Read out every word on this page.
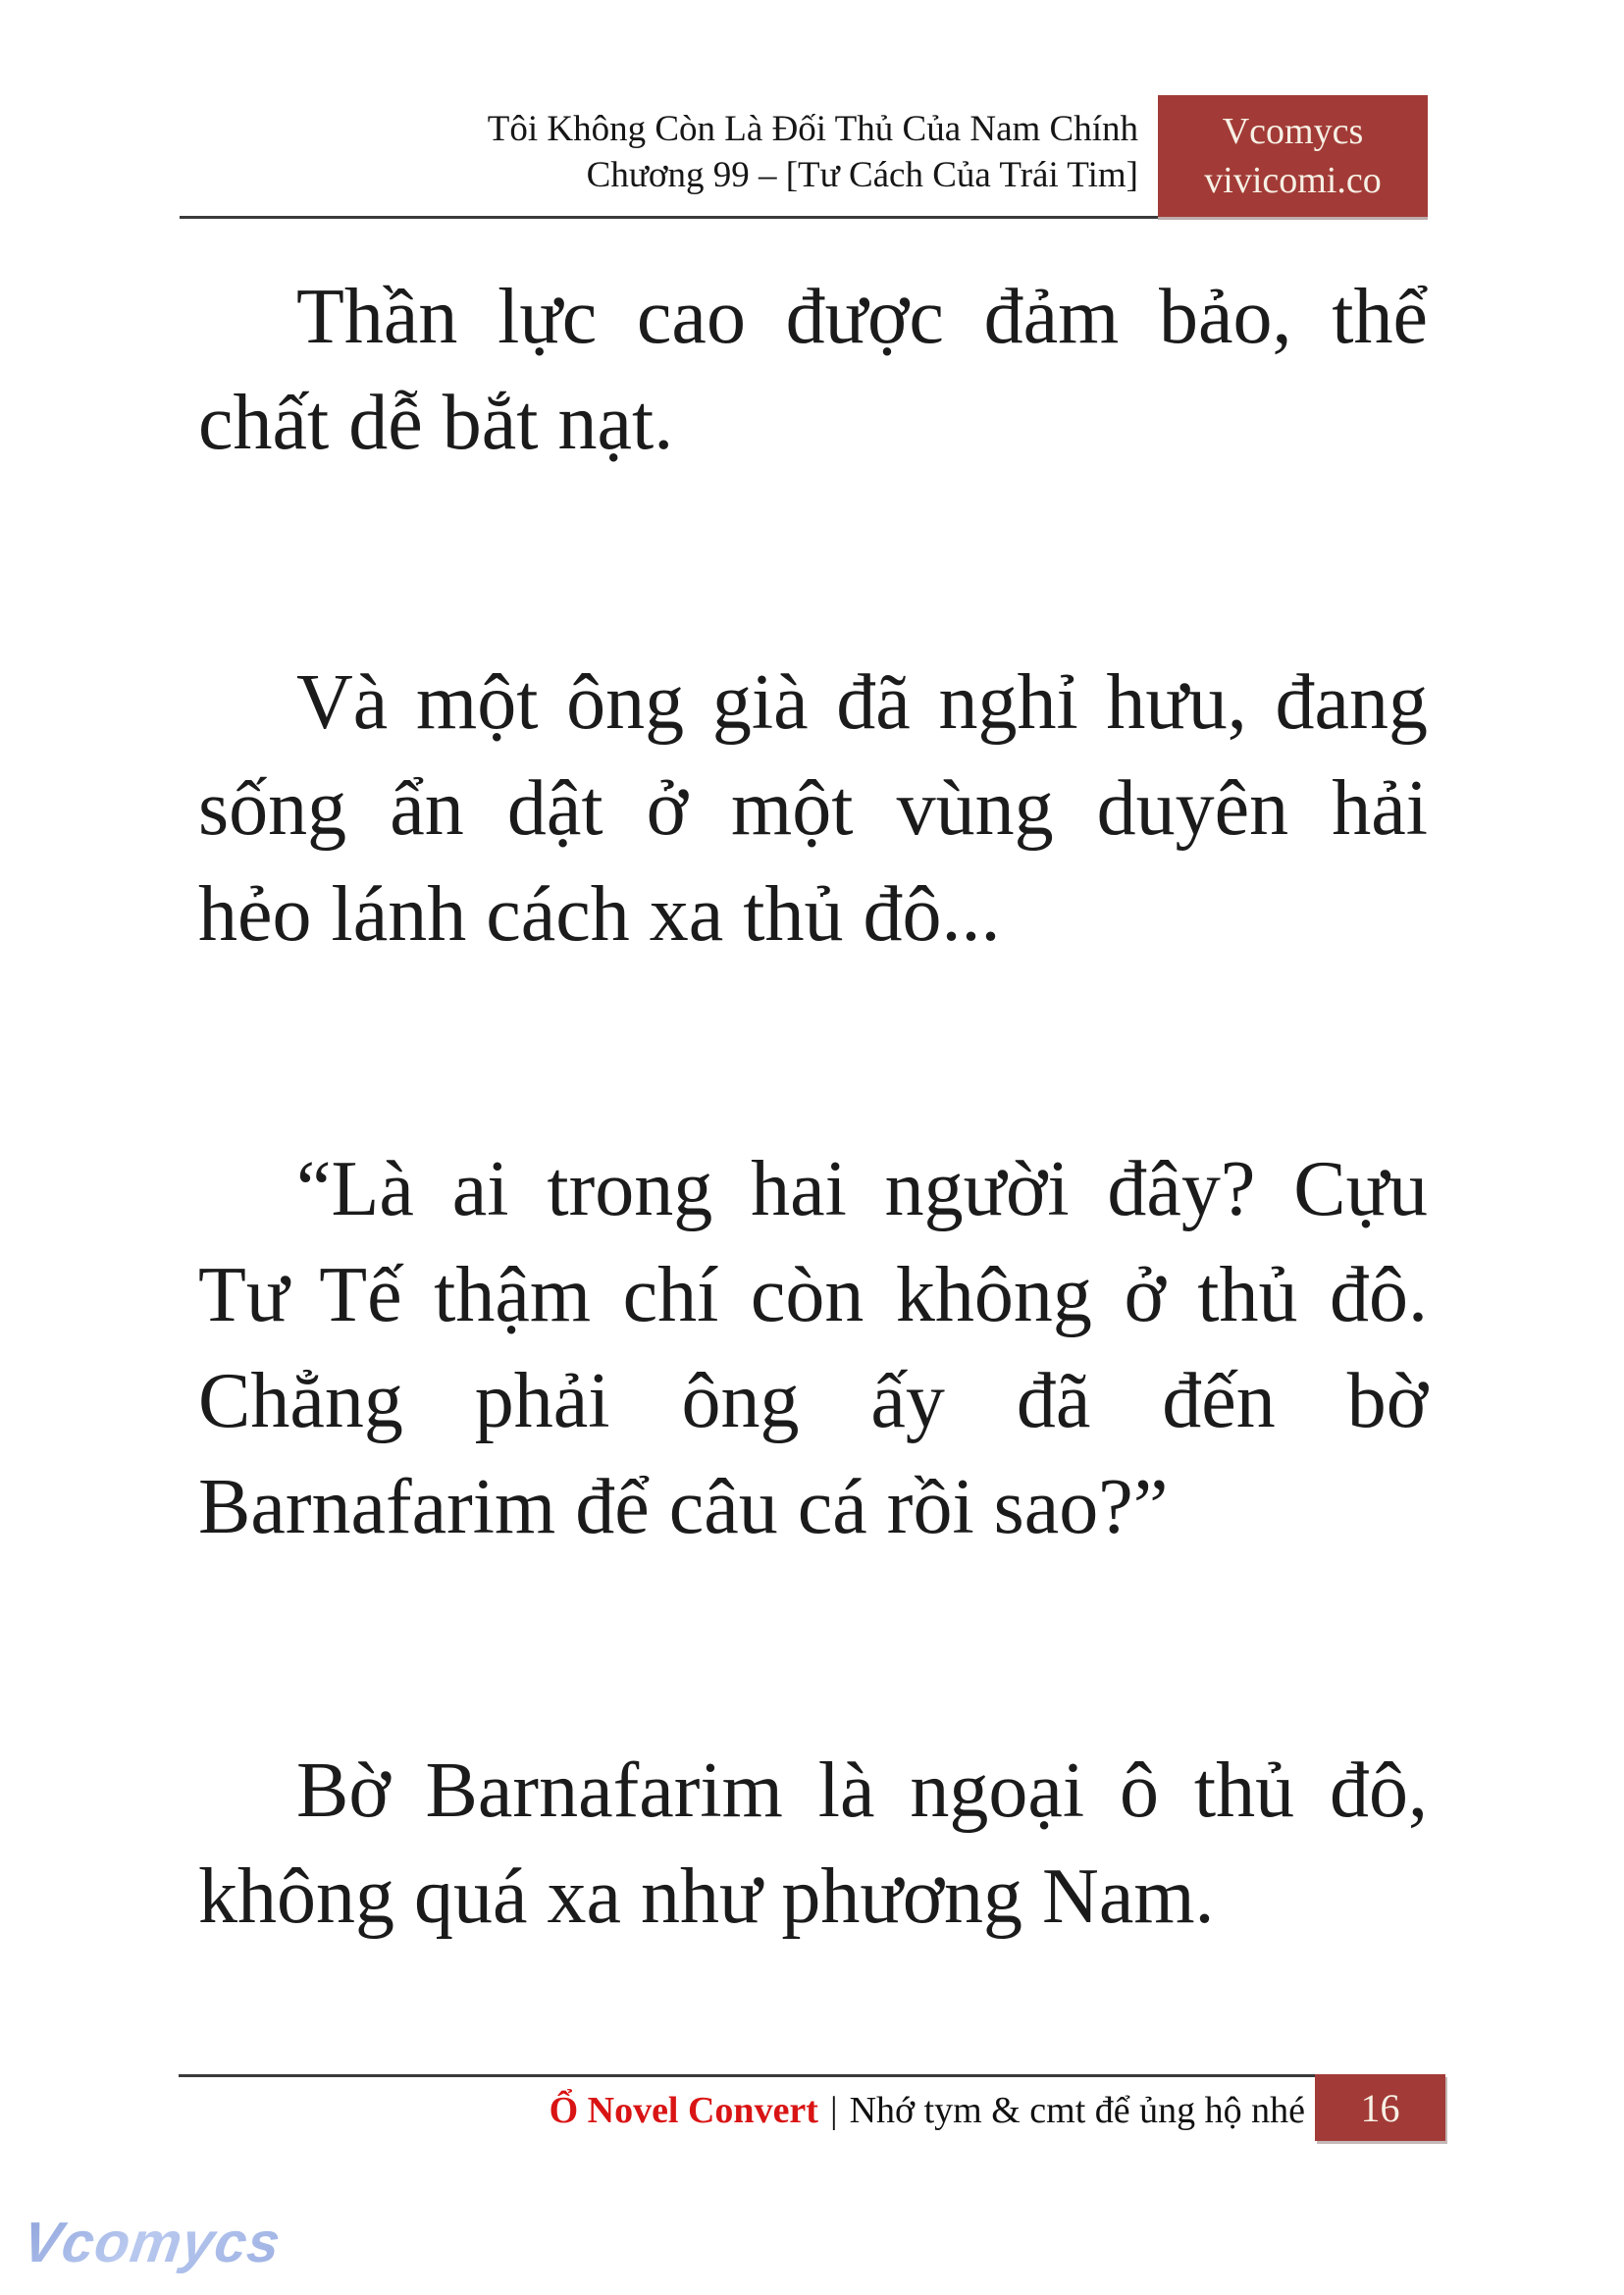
Tôi Không Còn Là Đối Thủ Của Nam Chính
Chương 99 – [Tư Cách Của Trái Tim]
Vcomycs
vivicomi.co
Thần lực cao được đảm bảo, thể
chất dễ bắt nạt.
Và một ông già đã nghỉ hưu, đang
sống ẩn dật ở một vùng duyên hải
hẻo lánh cách xa thủ đô...
“Là ai trong hai người đây? Cựu
Tư Tế thậm chí còn không ở thủ đô.
Chẳng phải ông ấy đã đến bờ
Barnafarim để câu cá rồi sao?”
Bờ Barnafarim là ngoại ô thủ đô,
không quá xa như phương Nam.
Ổ Novel Convert | Nhớ tym & cmt để ủng hộ nhé 16
Vcomycs
